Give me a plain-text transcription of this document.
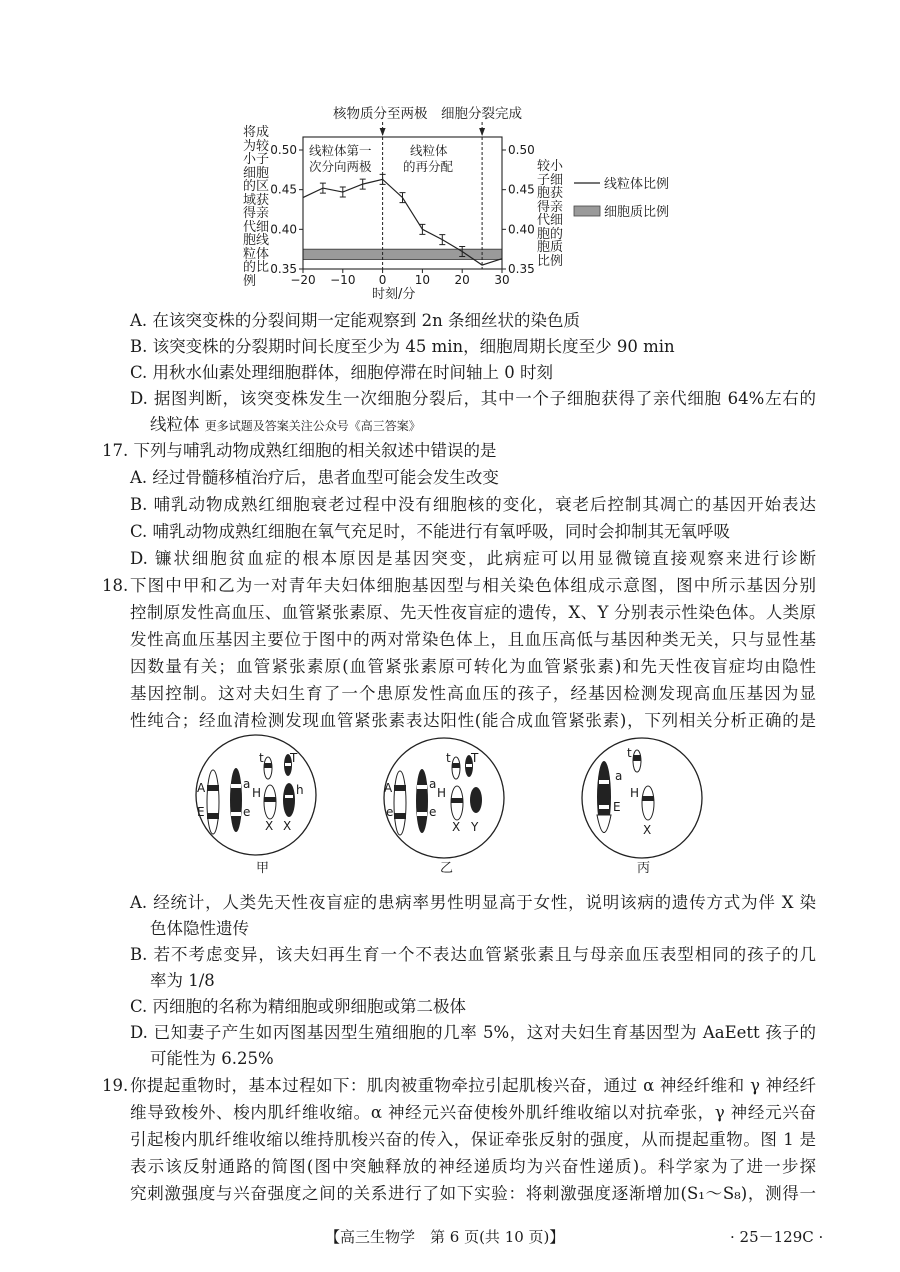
核物质分至两极 细胞分裂完成
0.50	0.50
0.45	0.45
0.40	0.40
0.35	0.35
−20 −10 0 10 20 30
线粒体第一
次分向两极
线粒体
的再分配
时刻/分
线粒体比例
细胞质比例
将成为较小子细胞的区域获得亲代细胞线粒体的比例
较小子细胞获得亲代细胞的胞质比例
A. 在该突变株的分裂间期一定能观察到 2n 条细丝状的染色质
B. 该突变株的分裂期时间长度至少为 45 min，细胞周期长度至少 90 min
C. 用秋水仙素处理细胞群体，细胞停滞在时间轴上 0 时刻
D. 据图判断，该突变株发生一次细胞分裂后，其中一个子细胞获得了亲代细胞 64%左右的
线粒体 更多试题及答案关注公众号《高三答案》
17. 下列与哺乳动物成熟红细胞的相关叙述中错误的是
A. 经过骨髓移植治疗后，患者血型可能会发生改变
B. 哺乳动物成熟红细胞衰老过程中没有细胞核的变化，衰老后控制其凋亡的基因开始表达
C. 哺乳动物成熟红细胞在氧气充足时，不能进行有氧呼吸，同时会抑制其无氧呼吸
D. 镰状细胞贫血症的根本原因是基因突变，此病症可以用显微镜直接观察来进行诊断
18. 下图中甲和乙为一对青年夫妇体细胞基因型与相关染色体组成示意图，图中所示基因分别
控制原发性高血压、血管紧张素原、先天性夜盲症的遗传，X、Y 分别表示性染色体。人类原
发性高血压基因主要位于图中的两对常染色体上，且血压高低与基因种类无关，只与显性基
因数量有关；血管紧张素原(血管紧张素原可转化为血管紧张素)和先天性夜盲症均由隐性
基因控制。这对夫妇生育了一个患原发性高血压的孩子，经基因检测发现高血压基因为显
性纯合；经血清检测发现血管紧张素表达阳性(能合成血管紧张素)，下列相关分析正确的是
A
E
a
e
t T
H	h
X X
甲
A
e
a
e
t T
H
X Y
乙
a
E
t
H
X
丙
A. 经统计，人类先天性夜盲症的患病率男性明显高于女性，说明该病的遗传方式为伴 X 染
色体隐性遗传
B. 若不考虑变异，该夫妇再生育一个不表达血管紧张素且与母亲血压表型相同的孩子的几
率为 1/8
C. 丙细胞的名称为精细胞或卵细胞或第二极体
D. 已知妻子产生如丙图基因型生殖细胞的几率 5%，这对夫妇生育基因型为 AaEett 孩子的
可能性为 6.25%
19. 你提起重物时，基本过程如下：肌肉被重物牵拉引起肌梭兴奋，通过 α 神经纤维和 γ 神经纤
维导致梭外、梭内肌纤维收缩。α 神经元兴奋使梭外肌纤维收缩以对抗牵张，γ 神经元兴奋
引起梭内肌纤维收缩以维持肌梭兴奋的传入，保证牵张反射的强度，从而提起重物。图 1 是
表示该反射通路的简图(图中突触释放的神经递质均为兴奋性递质)。科学家为了进一步探
究刺激强度与兴奋强度之间的关系进行了如下实验：将刺激强度逐渐增加(S₁～S₈)，测得一
【高三生物学　第 6 页(共 10 页)】	· 25－129C ·
